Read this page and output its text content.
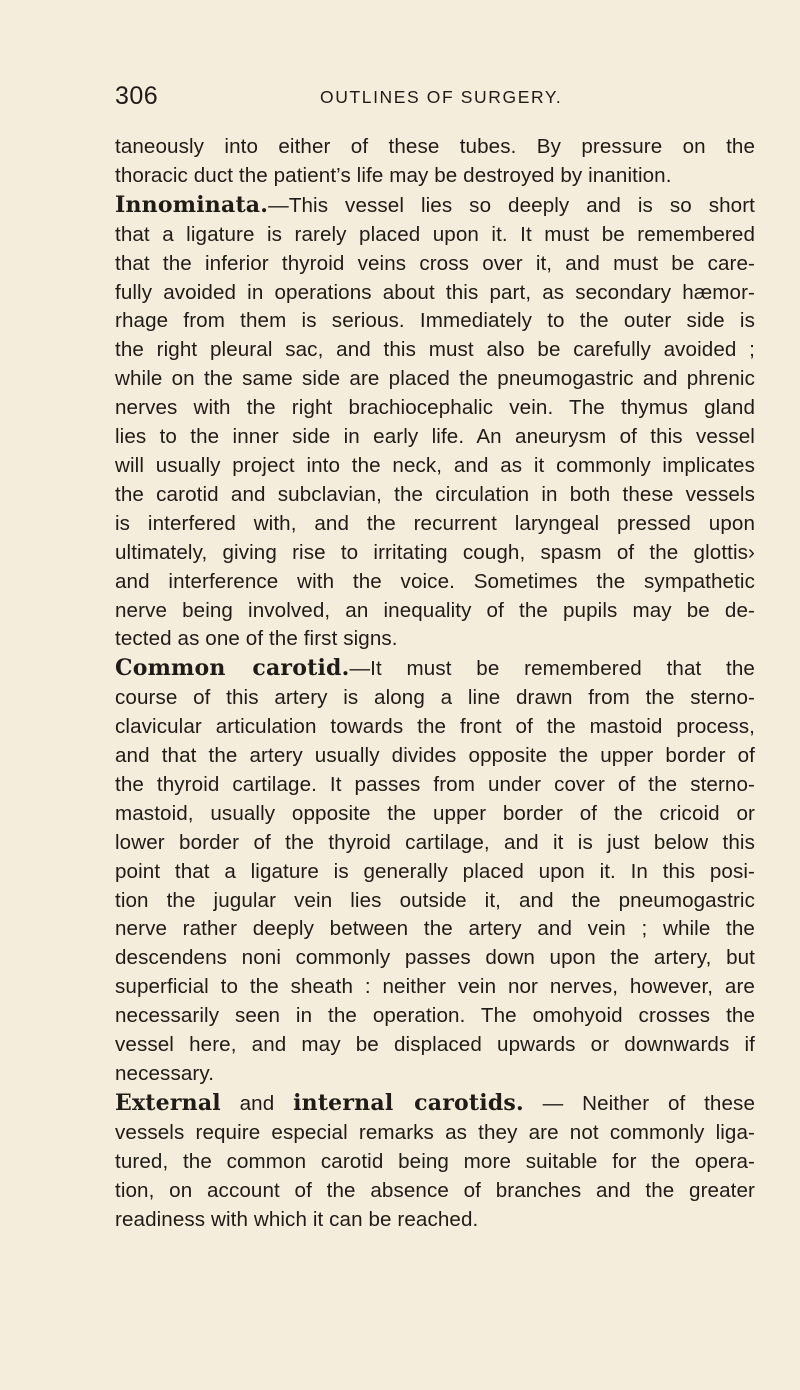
306	OUTLINES OF SURGERY.
taneously into either of these tubes. By pressure on the
thoracic duct the patient’s life may be destroyed by inanition.
Innominata.—This vessel lies so deeply and is so short
that a ligature is rarely placed upon it. It must be remembered
that the inferior thyroid veins cross over it, and must be care-
fully avoided in operations about this part, as secondary hæmor-
rhage from them is serious. Immediately to the outer side is
the right pleural sac, and this must also be carefully avoided ;
while on the same side are placed the pneumogastric and phrenic
nerves with the right brachiocephalic vein. The thymus gland
lies to the inner side in early life. An aneurysm of this vessel
will usually project into the neck, and as it commonly implicates
the carotid and subclavian, the circulation in both these vessels
is interfered with, and the recurrent laryngeal pressed upon
ultimately, giving rise to irritating cough, spasm of the glottis›
and interference with the voice. Sometimes the sympathetic
nerve being involved, an inequality of the pupils may be de-
tected as one of the first signs.
Common carotid.—It must be remembered that the
course of this artery is along a line drawn from the sterno-
clavicular articulation towards the front of the mastoid process,
and that the artery usually divides opposite the upper border of
the thyroid cartilage. It passes from under cover of the sterno-
mastoid, usually opposite the upper border of the cricoid or
lower border of the thyroid cartilage, and it is just below this
point that a ligature is generally placed upon it. In this posi-
tion the jugular vein lies outside it, and the pneumogastric
nerve rather deeply between the artery and vein ; while the
descendens noni commonly passes down upon the artery, but
superficial to the sheath : neither vein nor nerves, however, are
necessarily seen in the operation. The omohyoid crosses the
vessel here, and may be displaced upwards or downwards if
necessary.
External and internal carotids. — Neither of these
vessels require especial remarks as they are not commonly liga-
tured, the common carotid being more suitable for the opera-
tion, on account of the absence of branches and the greater
readiness with which it can be reached.
